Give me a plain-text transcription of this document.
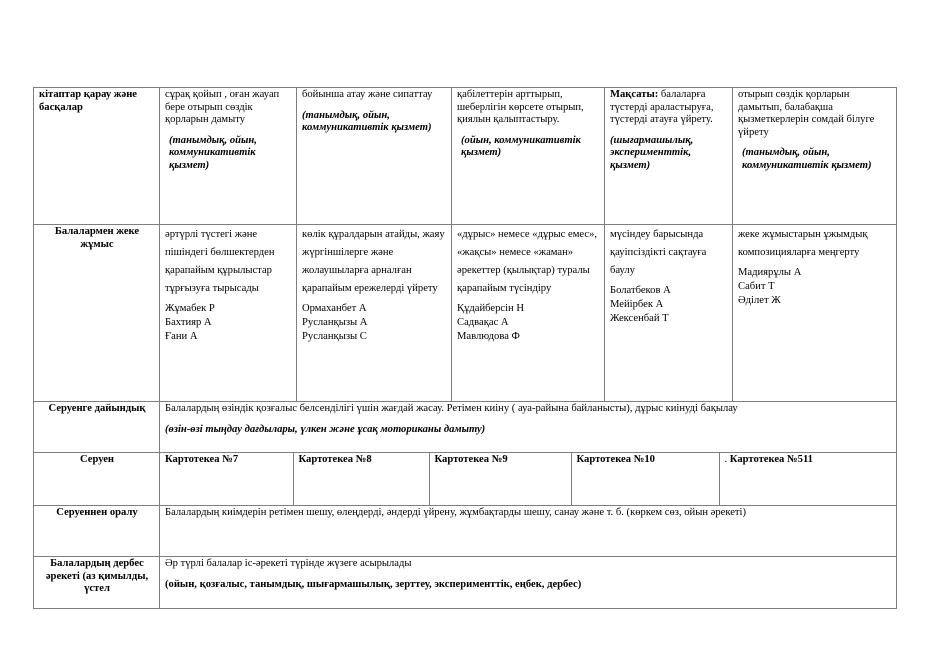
кітаптар қарау және басқалар	сұрақ қойып , оған жауап бере отырып сөздік қорларын дамыту
(танымдық, ойын, коммуникативтік қызмет)
	бойынша атау және сипаттау
(танымдық, ойын, коммуникативтік қызмет)
	қабілеттерін арттырып, шеберлігін көрсете отырып, қиялын қалыптастыру.
(ойын, коммуникативтік қызмет)
	Мақсаты: балаларға түстерді араластыруға, түстерді атауға үйрету.
(шығармашылық, эксперименттік, қызмет)
	отырып сөздік қорларын дамытып, балабақша қызметкерлерін сомдай білуге үйрету
(танымдық, ойын, коммуникативтік қызмет)

Балалармен жеке жұмыс	әртүрлі түстегі және пішіндегі бөлшектерден қарапайым құрылыстар тұрғызуға тырысады
Жұмабек Р
Бахтияр А
Ғани А
	көлік құралдарын атайды, жаяу жүргіншілерге және жолаушыларға арналған қарапайым ережелерді үйрету
Ормаханбет А
Русланқызы А
Русланқызы С
	«дұрыс» немесе «дұрыс емес», «жақсы» немесе «жаман» әрекеттер (қылықтар) туралы қарапайым түсіндіру
Құдайберсін Н
Садвақас А
Мавлюдова Ф
	мүсіндеу барысында қауіпсіздікті сақтауға баулу
Болатбеков А
Мейірбек А
Жексенбай Т
	жеке жұмыстарын ұжымдық композицияларға меңгерту
Мадиярұлы А
Сабит Т
Әділет Ж

Серуенге дайындық	Балалардың өзіндік қозғалыс белсенділігі үшін жағдай жасау. Ретімен киіну ( ауа-райына байланысты), дұрыс киінуді бақылау
(өзін-өзі тыңдау дағдылары, үлкен және ұсақ моториканы дамыту)

Серуен		Картотекеа №7	Картотекеа №8	Картотекеа №9	Картотекеа №10	. Картотекеа №511

Серуеннен оралу	Балалардың киімдерін ретімен шешу, өлеңдерді, әндерді үйрену, жұмбақтарды шешу, санау және т. б. (көркем сөз, ойын әрекеті)
Балалардың дербес әрекеті (аз қимылды, үстел	Әр түрлі балалар іс-әрекеті түрінде жүзеге асырылады
(ойын, қозғалыс, танымдық, шығармашылық, зерттеу, эксперименттік, еңбек, дербес)
